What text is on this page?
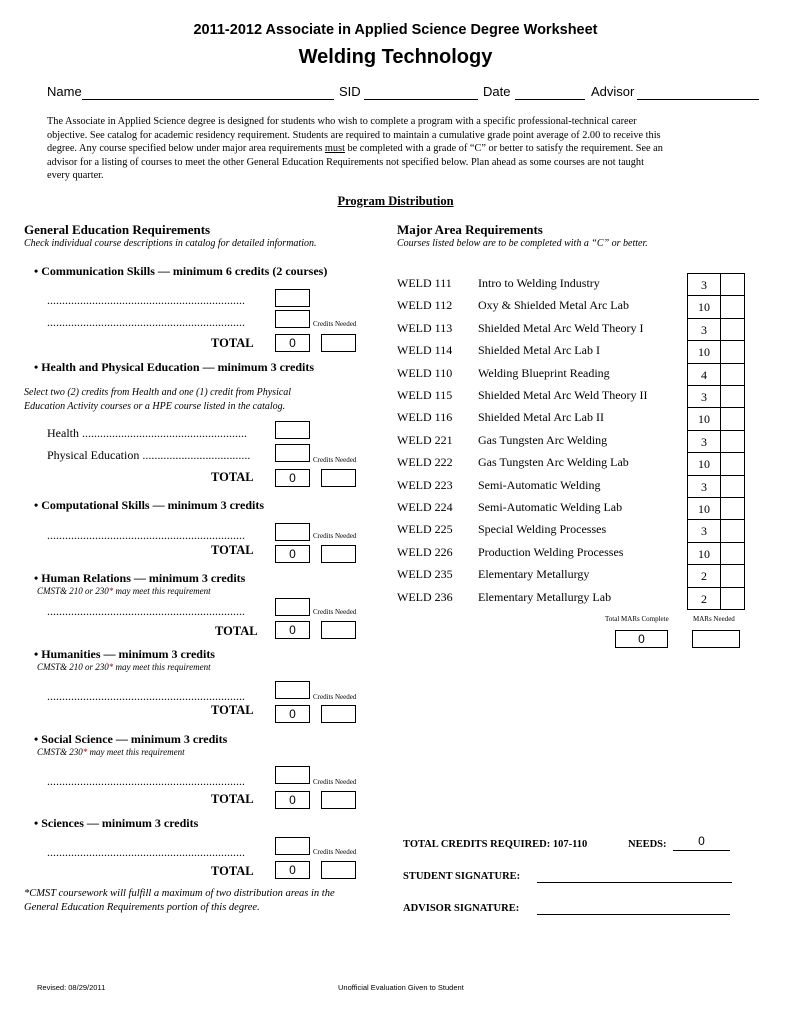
2011-2012 Associate in Applied Science Degree Worksheet
Welding Technology
Name	SID	Date	Advisor
The Associate in Applied Science degree is designed for students who wish to complete a program with a specific professional-technical career
objective. See catalog for academic residency requirement. Students are required to maintain a cumulative grade point average of 2.00 to receive this
degree. Any course specified below under major area requirements must be completed with a grade of “C” or better to satisfy the requirement. See an
advisor for a listing of courses to meet the other General Education Requirements not specified below. Plan ahead as some courses are not taught
every quarter.
Program Distribution
General Education Requirements
Check individual course descriptions in catalog for detailed information.
• Communication Skills — minimum 6 credits (2 courses)
..................................................................
..................................................................	Credits Needed
TOTAL	0
• Health and Physical Education — minimum 3 credits
Select two (2) credits from Health and one (1) credit from Physical
Education Activity courses or a HPE course listed in the catalog.
Health .......................................................
Physical Education ....................................	Credits Needed
TOTAL	0
• Computational Skills — minimum 3 credits
..................................................................	Credits Needed
TOTAL	0
• Human Relations — minimum 3 credits
CMST& 210 or 230* may meet this requirement
..................................................................	Credits Needed
TOTAL	0
• Humanities — minimum 3 credits
CMST& 210 or 230* may meet this requirement
..................................................................	Credits Needed
TOTAL	0
• Social Science — minimum 3 credits
CMST& 230* may meet this requirement
..................................................................	Credits Needed
TOTAL	0
• Sciences — minimum 3 credits
..................................................................	Credits Needed
TOTAL	0
*CMST coursework will fulfill a maximum of two distribution areas in the
General Education Requirements portion of this degree.
Major Area Requirements
Courses listed below are to be completed with a “C” or better.
WELD 111 Intro to Welding Industry	3
WELD 112 Oxy & Shielded Metal Arc Lab	10
WELD 113 Shielded Metal Arc Weld Theory I	3
WELD 114 Shielded Metal Arc Lab I	10
WELD 110 Welding Blueprint Reading	4
WELD 115 Shielded Metal Arc Weld Theory II	3
WELD 116 Shielded Metal Arc Lab II	10
WELD 221 Gas Tungsten Arc Welding	3
WELD 222 Gas Tungsten Arc Welding Lab	10
WELD 223 Semi-Automatic Welding	3
WELD 224 Semi-Automatic Welding Lab	10
WELD 225 Special Welding Processes	3
WELD 226 Production Welding Processes	10
WELD 235 Elementary Metallurgy	2
WELD 236 Elementary Metallurgy Lab	2
Total MARs Complete	MARs Needed
0
TOTAL CREDITS REQUIRED: 107-110	NEEDS:	0
STUDENT SIGNATURE:
ADVISOR SIGNATURE:
Revised: 08/29/2011	Unofficial Evaluation Given to Student
